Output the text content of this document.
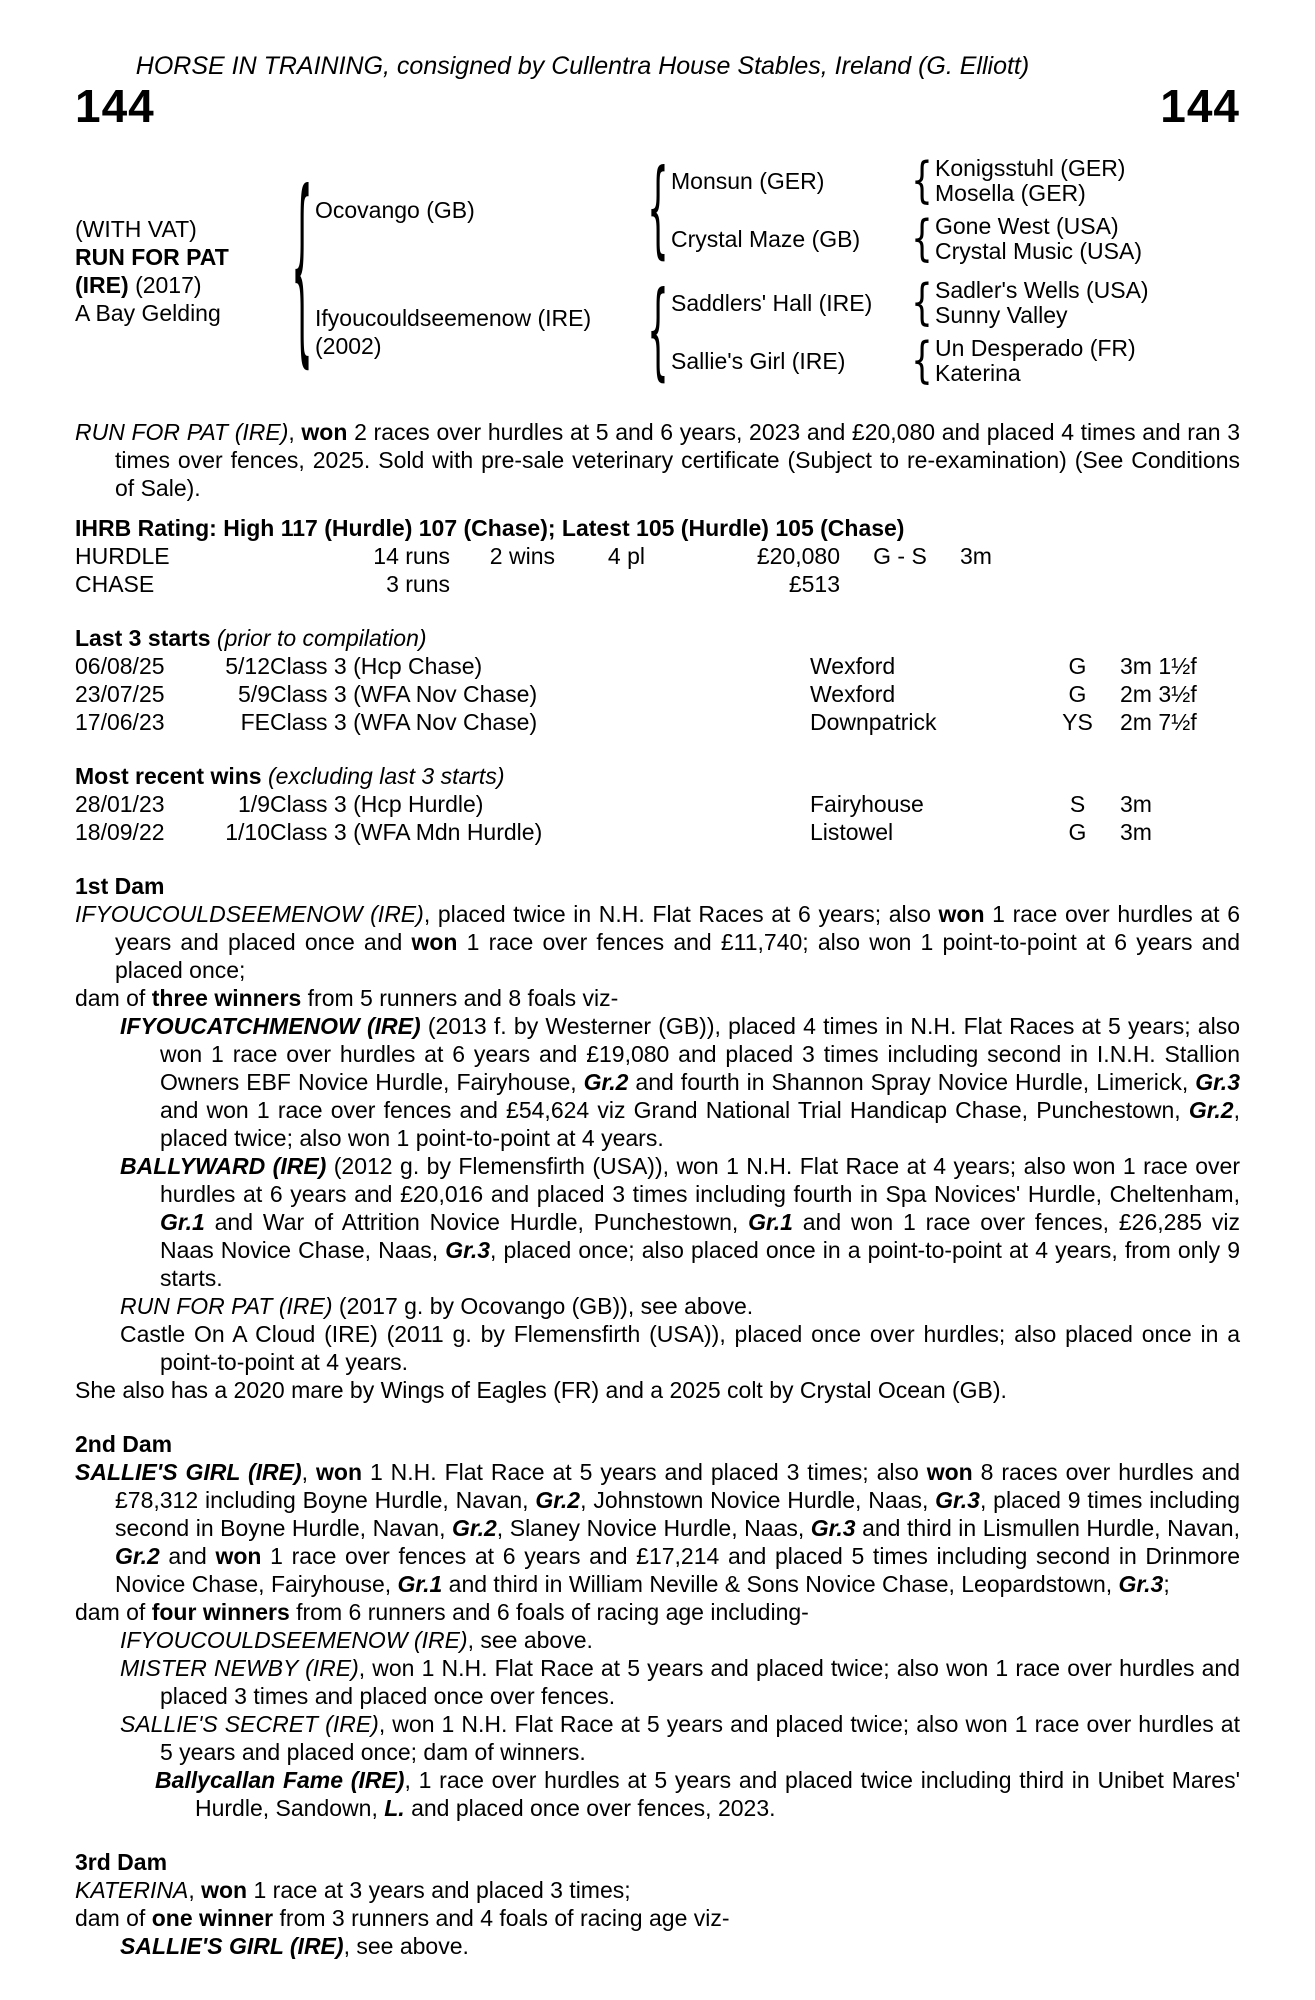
HORSE IN TRAINING, consigned by Cullentra House Stables, Ireland (G. Elliott)
144	144
(WITH VAT)
RUN FOR PAT
(IRE) (2017)
A Bay Gelding	{ Ocovango (GB)	{ Monsun (GER)	{ Konigsstuhl (GER)
Mosella (GER)
Crystal Maze (GB)	{ Gone West (USA)
Crystal Music (USA)
Ifyoucouldseemenow (IRE)
(2002)	{ Saddlers' Hall (IRE)	{ Sadler's Wells (USA)
Sunny Valley
Sallie's Girl (IRE)	{ Un Desperado (FR)
Katerina
RUN FOR PAT (IRE), won 2 races over hurdles at 5 and 6 years, 2023 and £20,080 and placed 4 times and ran 3 times over fences, 2025. Sold with pre-sale veterinary certificate (Subject to re-examination) (See Conditions of Sale).
IHRB Rating: High 117 (Hurdle) 107 (Chase); Latest 105 (Hurdle) 105 (Chase)
HURDLE	14 runs	2 wins	4 pl	£20,080	G - S	3m
CHASE	3 runs	£513
Last 3 starts (prior to compilation)
06/08/25	5/12 Class 3 (Hcp Chase)	Wexford	G	3m 1½f
23/07/25	5/9 Class 3 (WFA Nov Chase)	Wexford	G	2m 3½f
17/06/23	FE Class 3 (WFA Nov Chase)	Downpatrick	YS	2m 7½f
Most recent wins (excluding last 3 starts)
28/01/23	1/9 Class 3 (Hcp Hurdle)	Fairyhouse	S	3m
18/09/22	1/10 Class 3 (WFA Mdn Hurdle)	Listowel	G	3m
1st Dam
IFYOUCOULDSEEMENOW (IRE), placed twice in N.H. Flat Races at 6 years; also won 1 race over hurdles at 6 years and placed once and won 1 race over fences and £11,740; also won 1 point-to-point at 6 years and placed once;
dam of three winners from 5 runners and 8 foals viz-
IFYOUCATCHMENOW (IRE) (2013 f. by Westerner (GB)), placed 4 times in N.H. Flat Races at 5 years; also won 1 race over hurdles at 6 years and £19,080 and placed 3 times including second in I.N.H. Stallion Owners EBF Novice Hurdle, Fairyhouse, Gr.2 and fourth in Shannon Spray Novice Hurdle, Limerick, Gr.3 and won 1 race over fences and £54,624 viz Grand National Trial Handicap Chase, Punchestown, Gr.2, placed twice; also won 1 point-to-point at 4 years.
BALLYWARD (IRE) (2012 g. by Flemensfirth (USA)), won 1 N.H. Flat Race at 4 years; also won 1 race over hurdles at 6 years and £20,016 and placed 3 times including fourth in Spa Novices' Hurdle, Cheltenham, Gr.1 and War of Attrition Novice Hurdle, Punchestown, Gr.1 and won 1 race over fences, £26,285 viz Naas Novice Chase, Naas, Gr.3, placed once; also placed once in a point-to-point at 4 years, from only 9 starts.
RUN FOR PAT (IRE) (2017 g. by Ocovango (GB)), see above.
Castle On A Cloud (IRE) (2011 g. by Flemensfirth (USA)), placed once over hurdles; also placed once in a point-to-point at 4 years.
She also has a 2020 mare by Wings of Eagles (FR) and a 2025 colt by Crystal Ocean (GB).
2nd Dam
SALLIE'S GIRL (IRE), won 1 N.H. Flat Race at 5 years and placed 3 times; also won 8 races over hurdles and £78,312 including Boyne Hurdle, Navan, Gr.2, Johnstown Novice Hurdle, Naas, Gr.3, placed 9 times including second in Boyne Hurdle, Navan, Gr.2, Slaney Novice Hurdle, Naas, Gr.3 and third in Lismullen Hurdle, Navan, Gr.2 and won 1 race over fences at 6 years and £17,214 and placed 5 times including second in Drinmore Novice Chase, Fairyhouse, Gr.1 and third in William Neville & Sons Novice Chase, Leopardstown, Gr.3;
dam of four winners from 6 runners and 6 foals of racing age including-
IFYOUCOULDSEEMENOW (IRE), see above.
MISTER NEWBY (IRE), won 1 N.H. Flat Race at 5 years and placed twice; also won 1 race over hurdles and placed 3 times and placed once over fences.
SALLIE'S SECRET (IRE), won 1 N.H. Flat Race at 5 years and placed twice; also won 1 race over hurdles at 5 years and placed once; dam of winners.
Ballycallan Fame (IRE), 1 race over hurdles at 5 years and placed twice including third in Unibet Mares' Hurdle, Sandown, L. and placed once over fences, 2023.
3rd Dam
KATERINA, won 1 race at 3 years and placed 3 times;
dam of one winner from 3 runners and 4 foals of racing age viz-
SALLIE'S GIRL (IRE), see above.
